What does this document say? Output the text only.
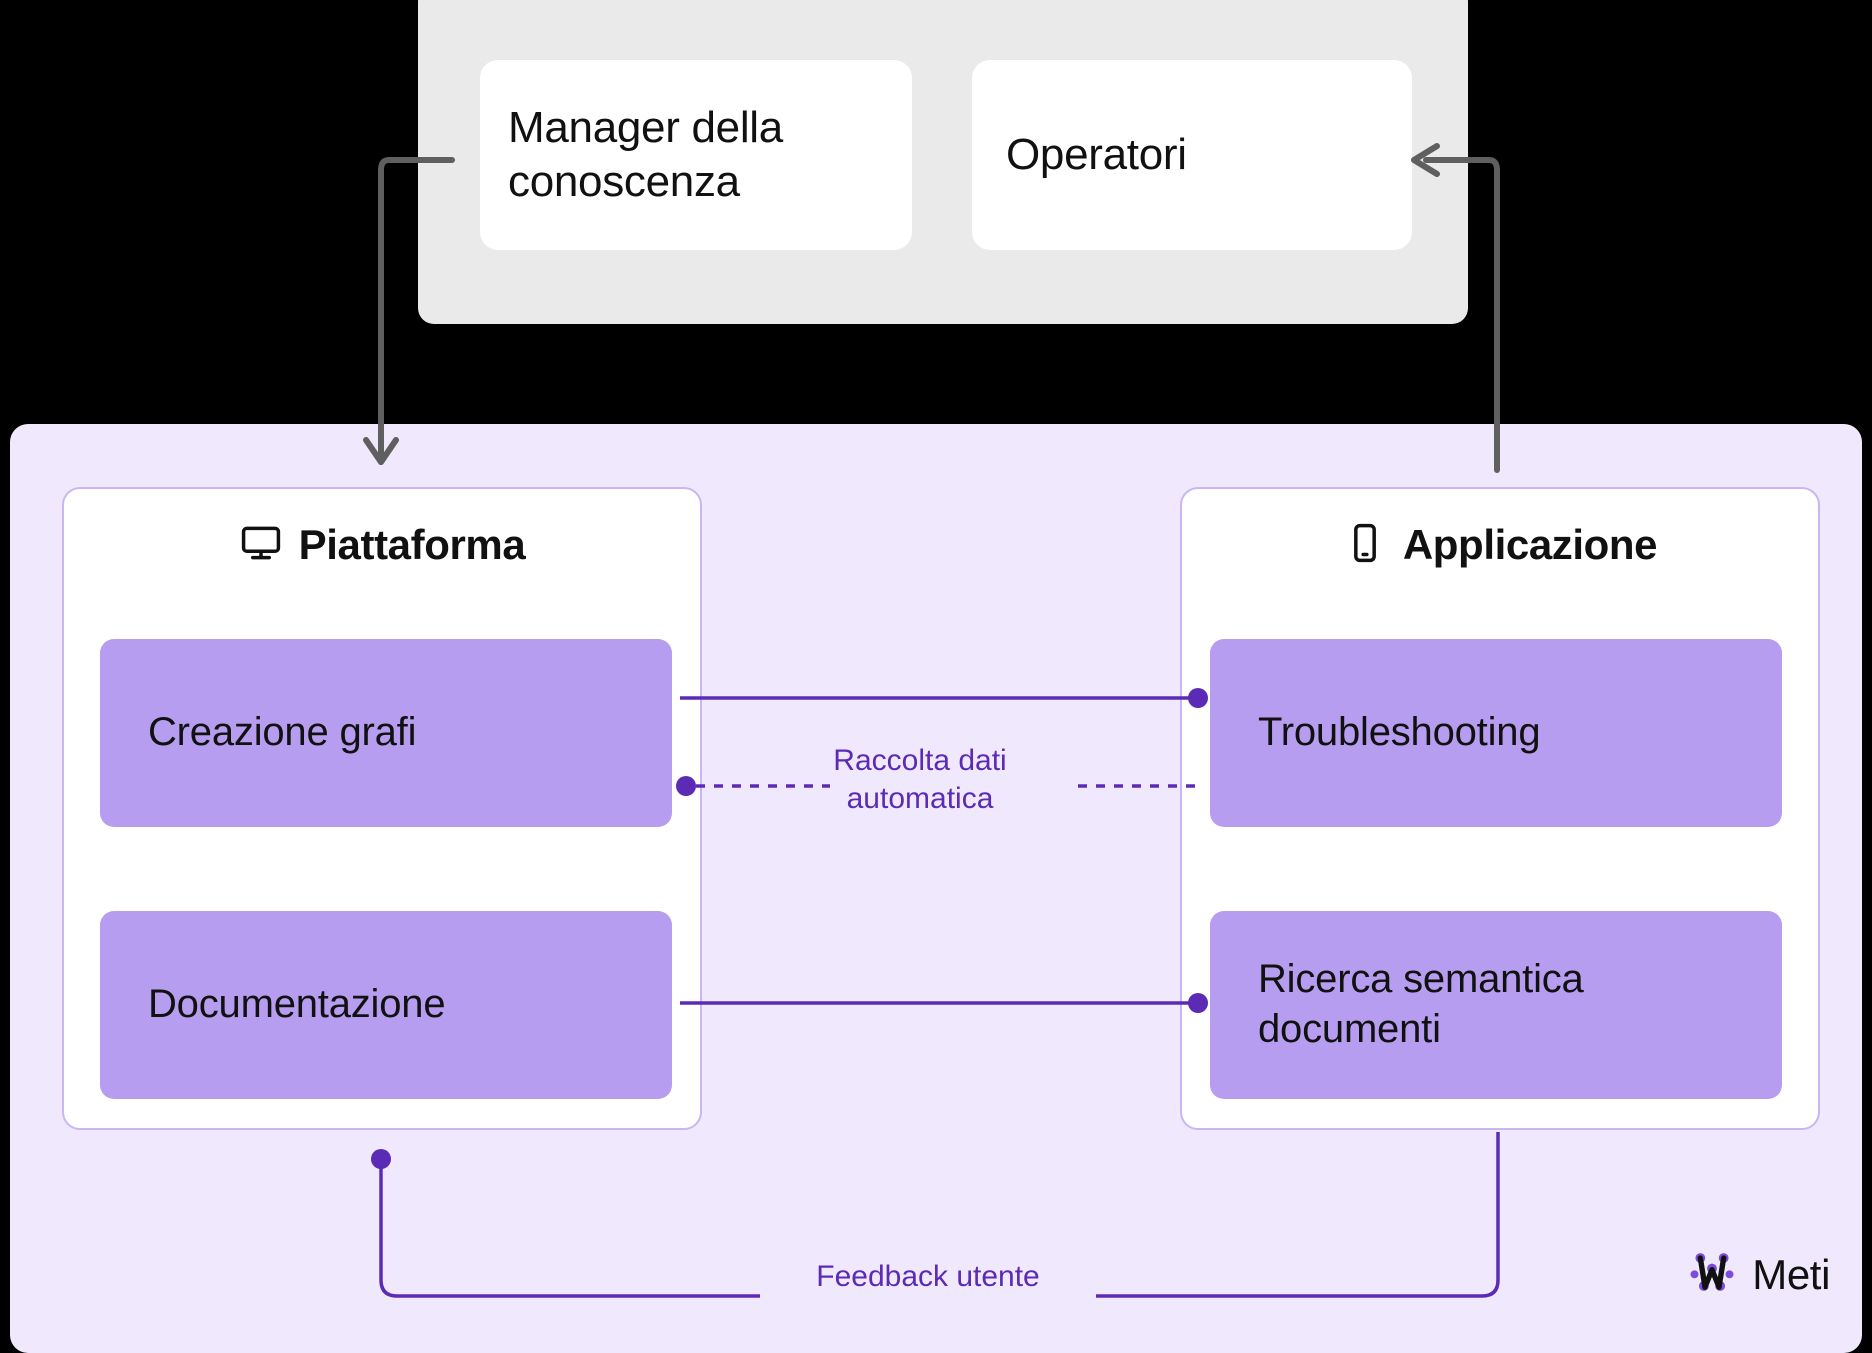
Manager della conoscenza
Operatori
Piattaforma
Creazione grafi
Documentazione
Applicazione
Troubleshooting
Ricerca semantica documenti
Raccolta dati automatica
Feedback utente	Meti
